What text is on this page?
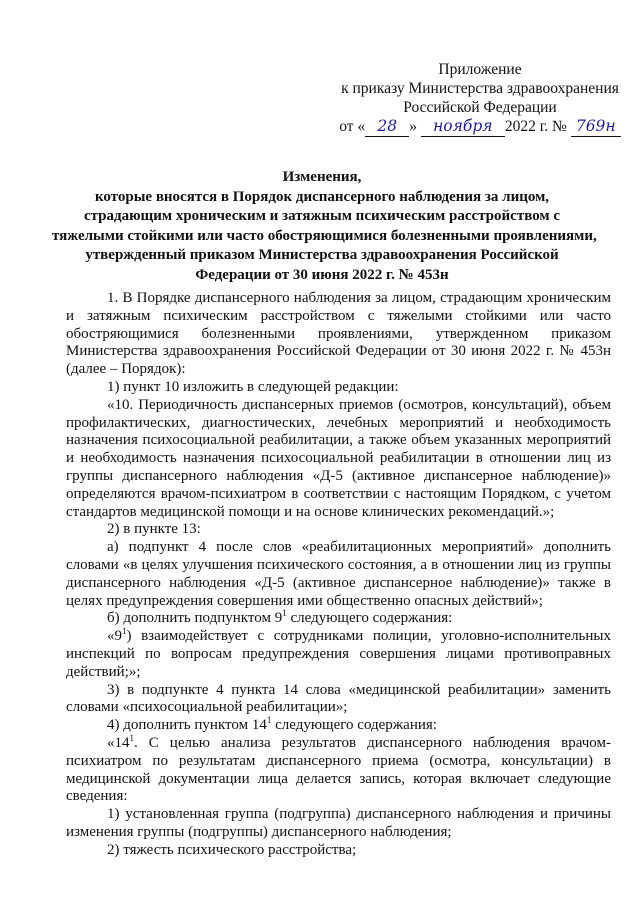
Приложение
к приказу Министерства здравоохранения
Российской Федерации
от « 28 » ноября 2022 г. № 769н
Изменения,
которые вносятся в Порядок диспансерного наблюдения за лицом,
страдающим хроническим и затяжным психическим расстройством с
тяжелыми стойкими или часто обостряющимися болезненными проявлениями,
утвержденный приказом Министерства здравоохранения Российской
Федерации от 30 июня 2022 г. № 453н

1. В Порядке диспансерного наблюдения за лицом, страдающим хроническим и затяжным психическим расстройством с тяжелыми стойкими или часто обостряющимися болезненными проявлениями, утвержденном приказом Министерства здравоохранения Российской Федерации от 30 июня 2022 г. № 453н (далее – Порядок):

1) пункт 10 изложить в следующей редакции:

«10. Периодичность диспансерных приемов (осмотров, консультаций), объем профилактических, диагностических, лечебных мероприятий и необходимость назначения психосоциальной реабилитации, а также объем указанных мероприятий и необходимость назначения психосоциальной реабилитации в отношении лиц из группы диспансерного наблюдения «Д-5 (активное диспансерное наблюдение)» определяются врачом-психиатром в соответствии с настоящим Порядком, с учетом стандартов медицинской помощи и на основе клинических рекомендаций.»;

2) в пункте 13:

а) подпункт 4 после слов «реабилитационных мероприятий» дополнить словами «в целях улучшения психического состояния, а в отношении лиц из группы диспансерного наблюдения «Д-5 (активное диспансерное наблюдение)» также в целях предупреждения совершения ими общественно опасных действий»;

б) дополнить подпунктом $9^1$ следующего содержания:

«$9^1$) взаимодействует с сотрудниками полиции, уголовно-исполнительных инспекций по вопросам предупреждения совершения лицами противоправных действий;»;

3) в подпункте 4 пункта 14 слова «медицинской реабилитации» заменить словами «психосоциальной реабилитации»;

4) дополнить пунктом $14^1$ следующего содержания:

«$14^1$. С целью анализа результатов диспансерного наблюдения врачом-психиатром по результатам диспансерного приема (осмотра, консультации) в медицинской документации лица делается запись, которая включает следующие сведения:

1) установленная группа (подгруппа) диспансерного наблюдения и причины изменения группы (подгруппы) диспансерного наблюдения;

2) тяжесть психического расстройства;
